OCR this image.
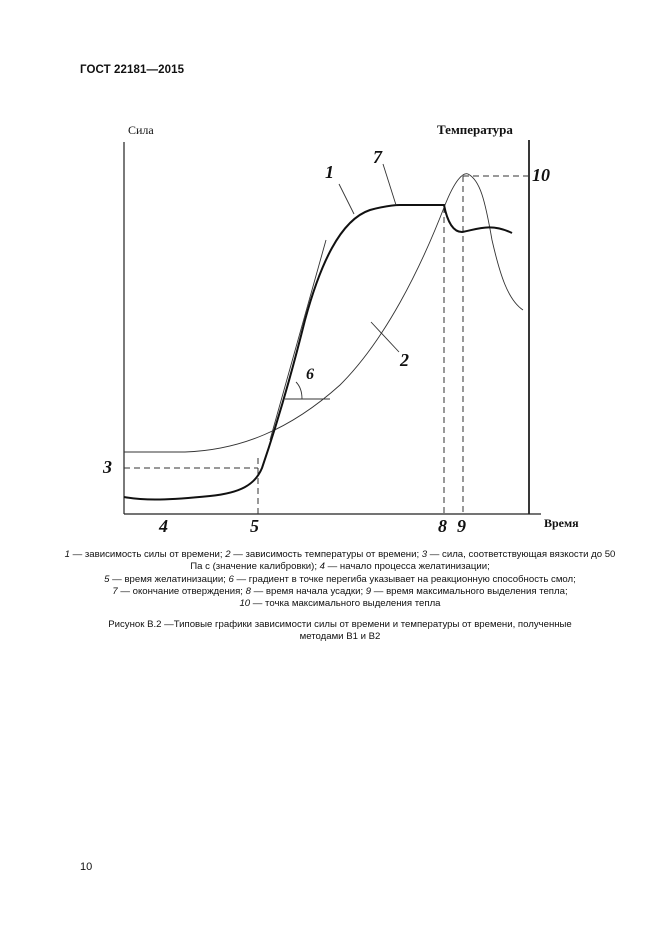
ГОСТ 22181—2015
Сила	Температура
Время
1
7
2
6
10
3
4	5	8 9
1 — зависимость силы от времени; 2 — зависимость температуры от времени; 3 — сила, соответствующая вязкости до 50 Па с (значение калибровки); 4 — начало процесса желатинизации;
5 — время желатинизации; 6 — градиент в точке перегиба указывает на реакционную способность смол;
7 — окончание отверждения; 8 — время начала усадки; 9 — время максимального выделения тепла;
10 — точка максимального выделения тепла
Рисунок В.2 —Типовые графики зависимости силы от времени и температуры от времени, полученные
методами В1 и В2
10
